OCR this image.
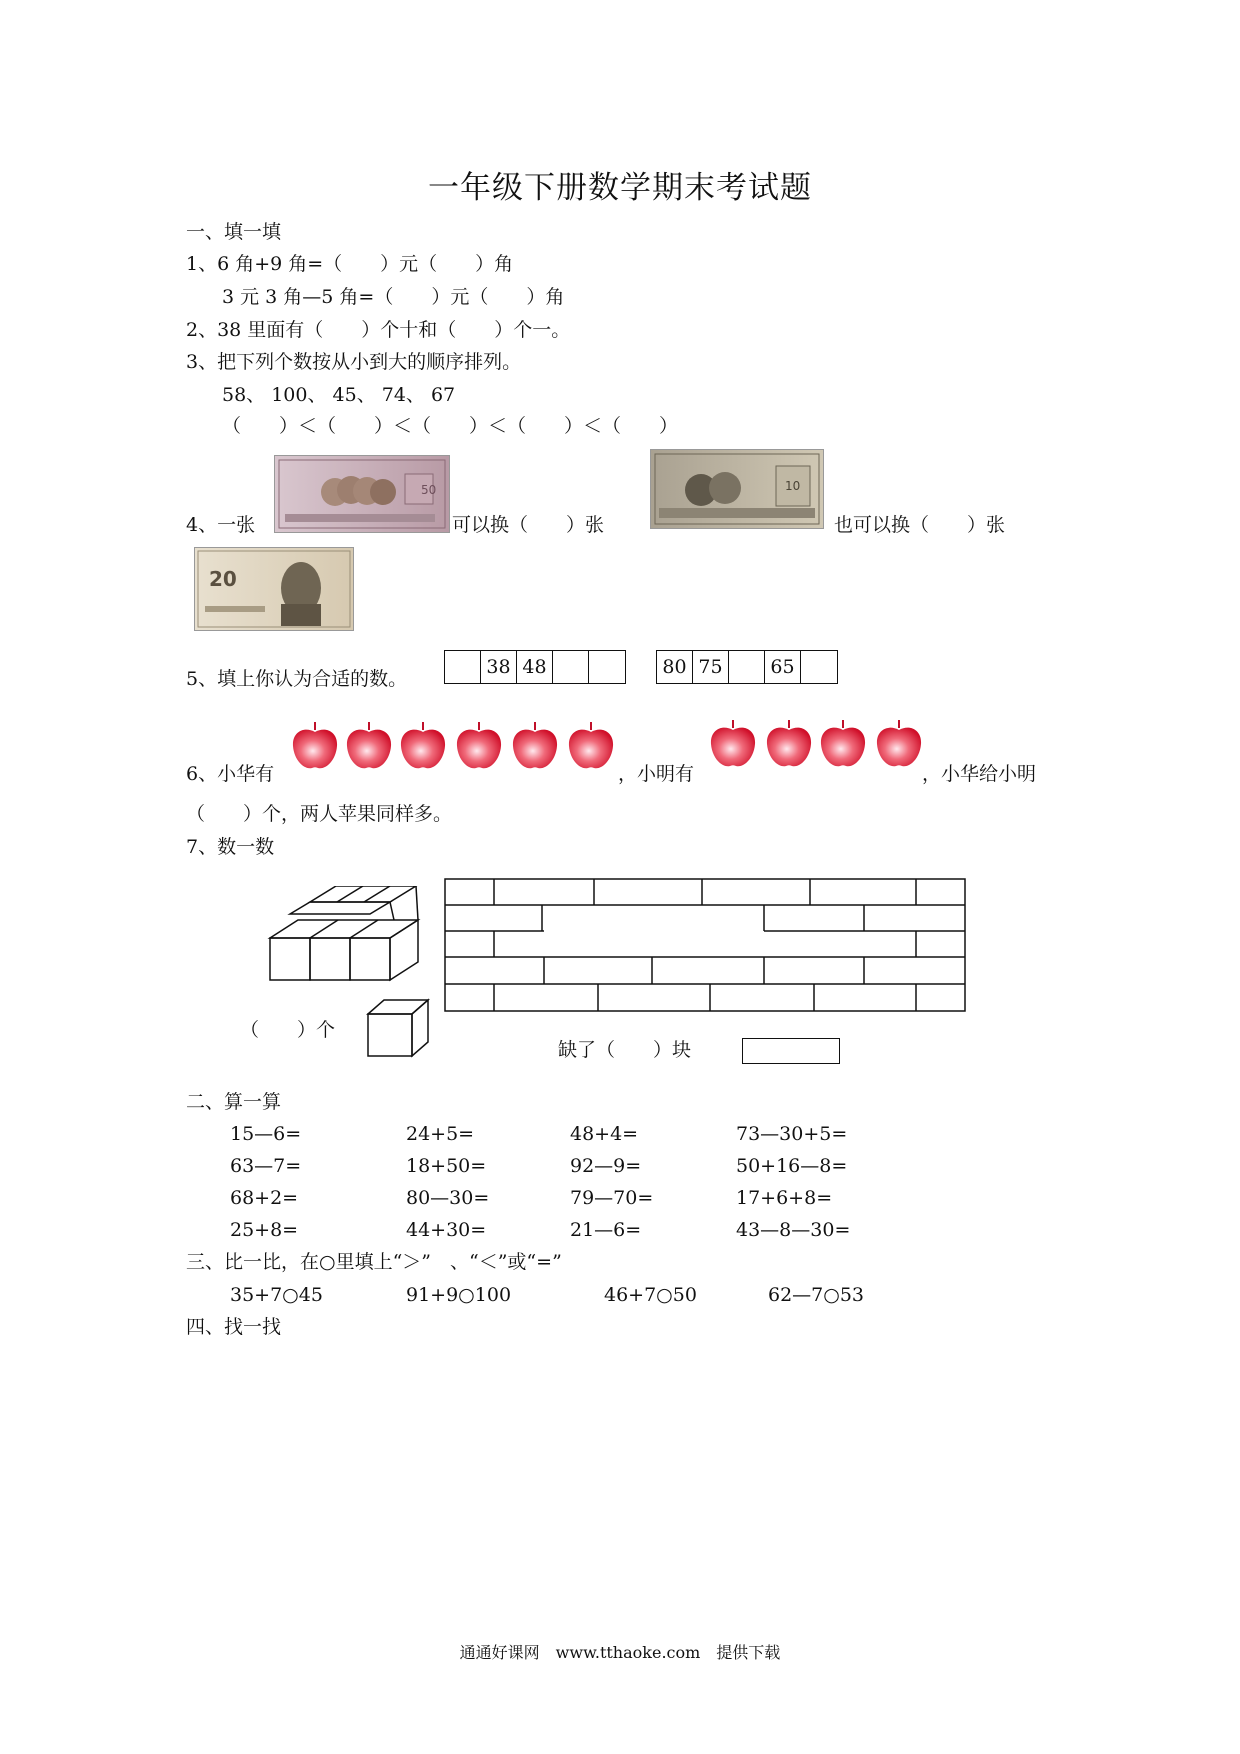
一年级下册数学期末考试题
一、填一填
1、6 角+9 角=（　　）元（　　）角
3 元 3 角—5 角=（　　）元（　　）角
2、38 里面有（　　）个十和（　　）个一。
3、把下列个数按从小到大的顺序排列。
58、 100、 45、 74、 67
（　　）＜（　　）＜（　　）＜（　　）＜（　　）
50	10
4、一张	可以换（　　）张	也可以换（　　）张
20
5、填上你认为合适的数。
38 48	80 75	65
6、小华有	，小明有	，小华给小明
（　　）个，两人苹果同样多。
7、数一数
（　　）个
缺了（　　）块
二、算一算
15—6=	24+5=	48+4=	73—30+5=
63—7=	18+50=	92—9=	50+16—8=
68+2=	80—30=	79—70=	17+6+8=
25+8=	44+30=	21—6=	43—8—30=
三、比一比，在○里填上“＞”　、“＜”或“=”
35+7○45	91+9○100	46+7○50	62—7○53
四、找一找
通通好课网　www.tthaoke.com　提供下载
